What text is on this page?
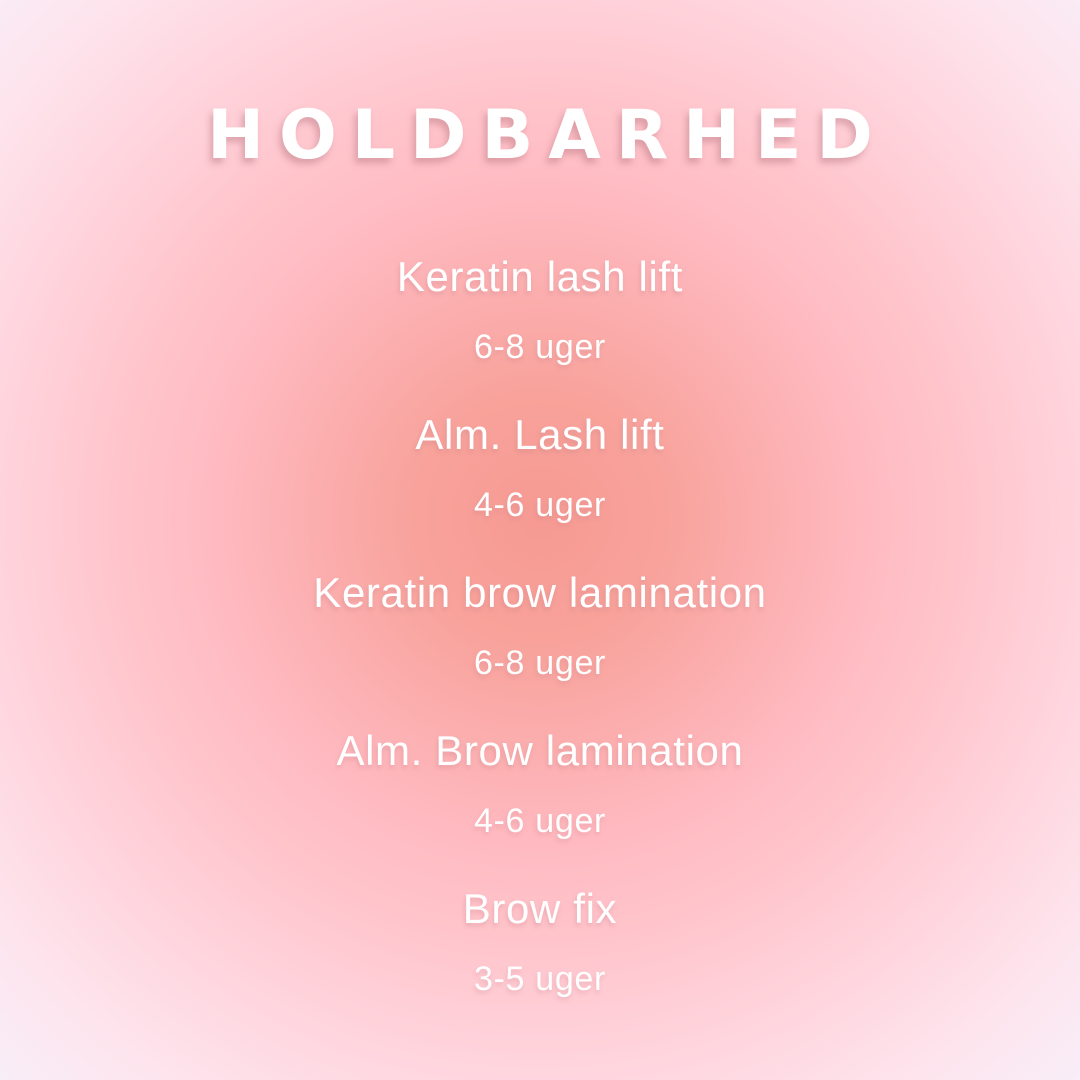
HOLDBARHED
Keratin lash lift
6-8 uger
Alm. Lash lift
4-6 uger
Keratin brow lamination
6-8 uger
Alm. Brow lamination
4-6 uger
Brow fix
3-5 uger
